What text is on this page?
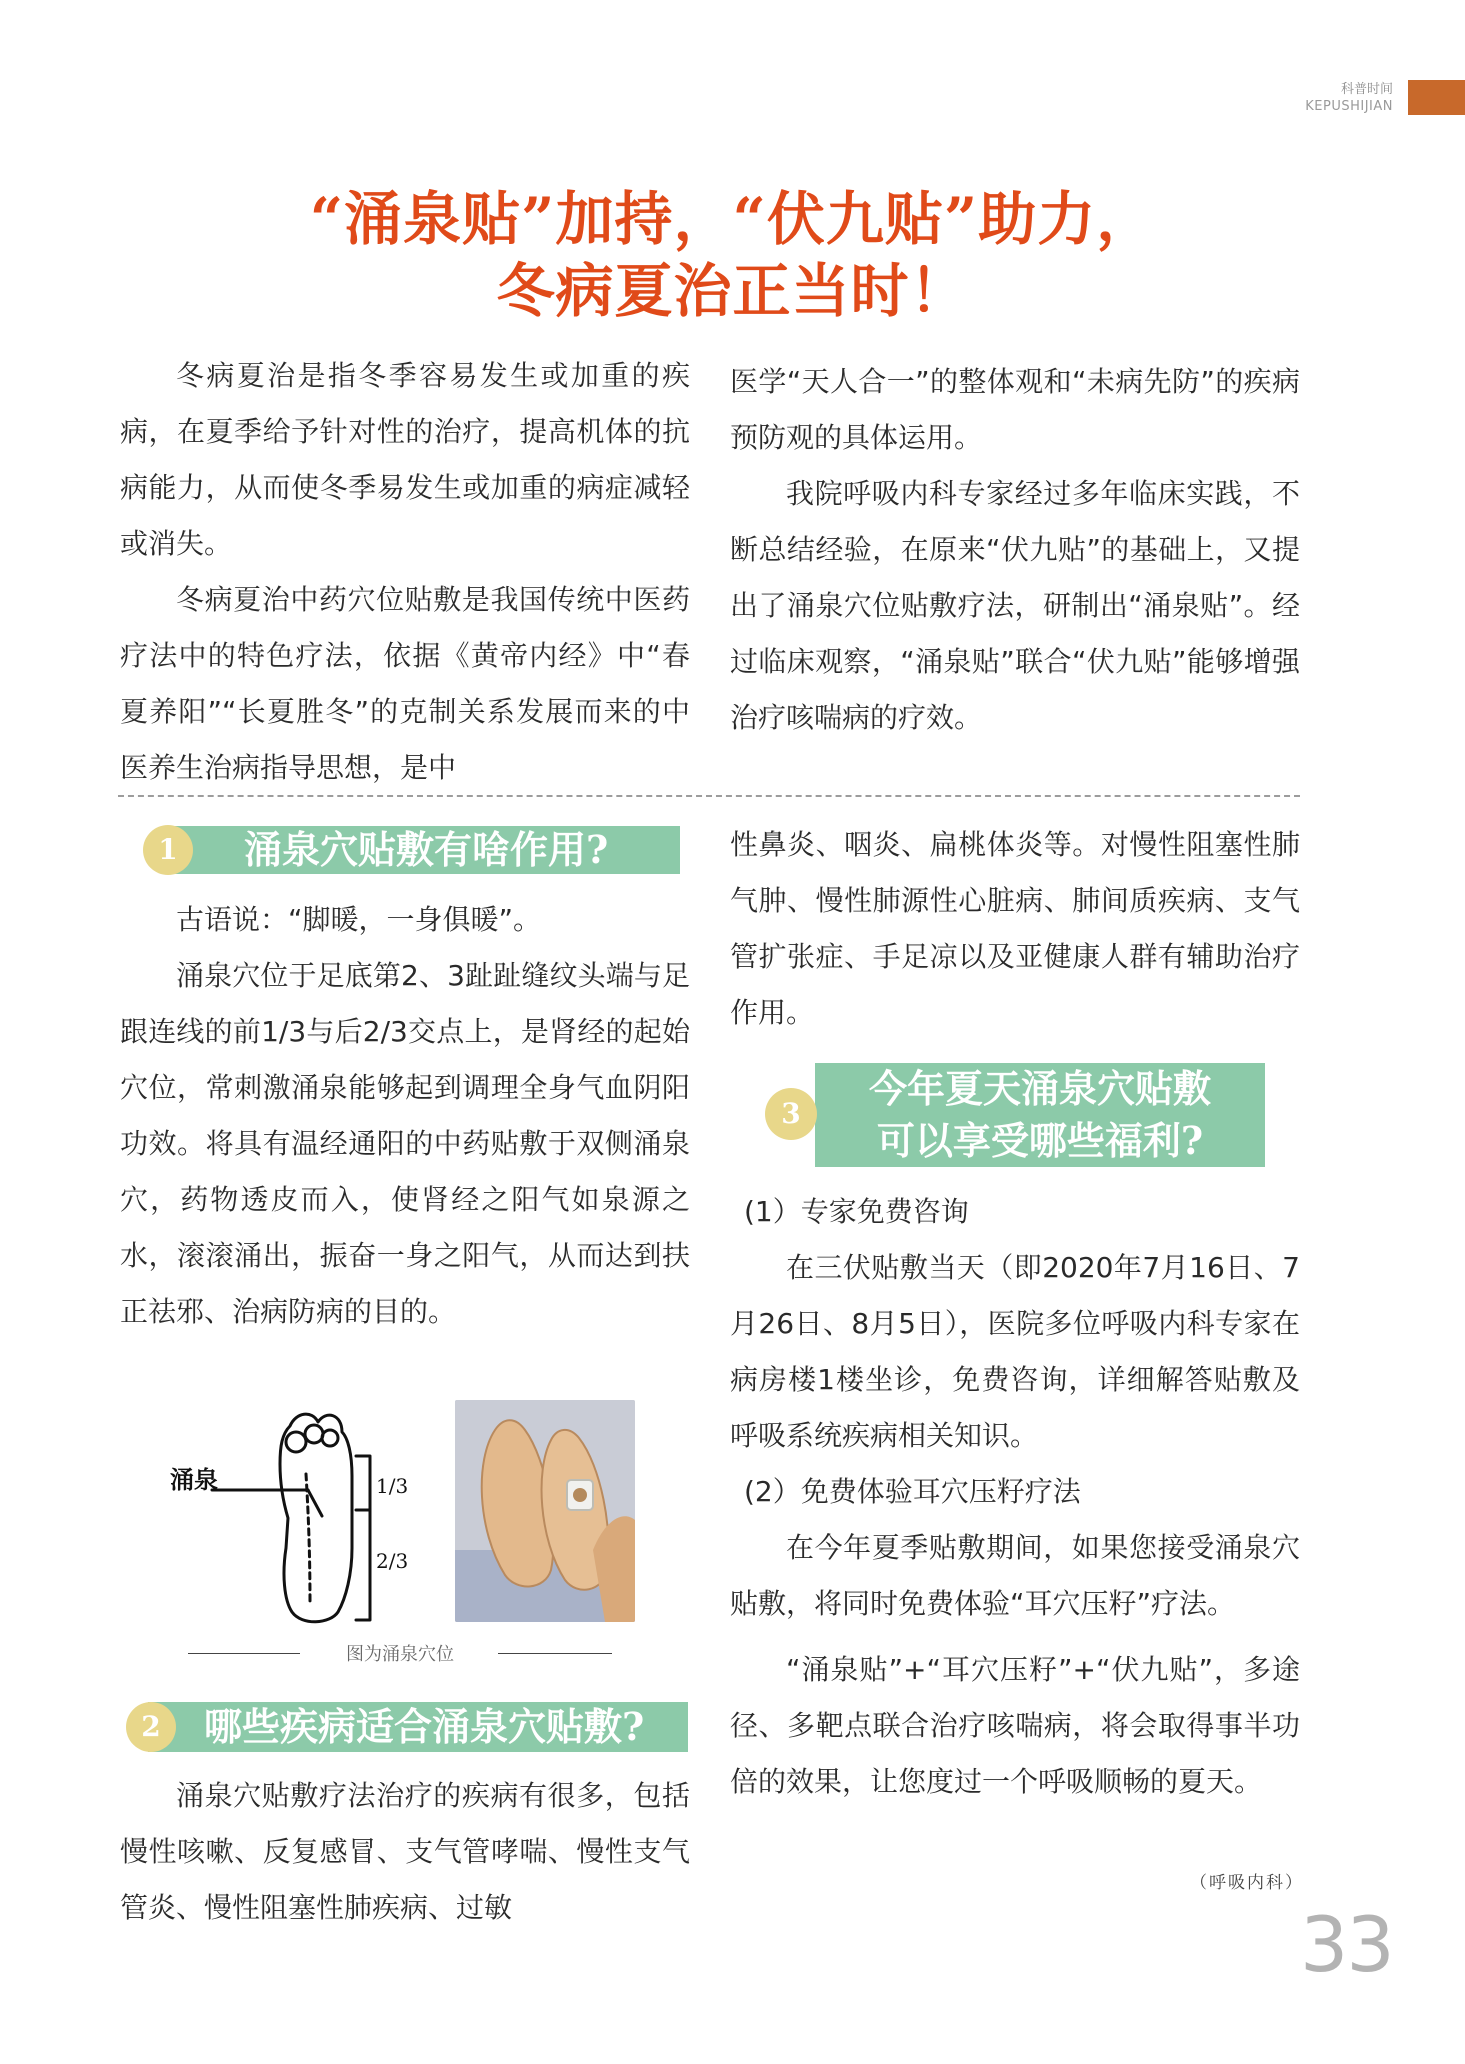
科普时间
KEPUSHIJIAN
“涌泉贴”加持，“伏九贴”助力，
冬病夏治正当时！

冬病夏治是指冬季容易发生或加重的疾病，在夏季给予针对性的治疗，提高机体的抗病能力，从而使冬季易发生或加重的病症减轻或消失。

冬病夏治中药穴位贴敷是我国传统中医药疗法中的特色疗法，依据《黄帝内经》中“春夏养阳”“长夏胜冬”的克制关系发展而来的中医养生治病指导思想，是中

医学“天人合一”的整体观和“未病先防”的疾病预防观的具体运用。

我院呼吸内科专家经过多年临床实践，不断总结经验，在原来“伏九贴”的基础上，又提出了涌泉穴位贴敷疗法，研制出“涌泉贴”。经过临床观察，“涌泉贴”联合“伏九贴”能够增强治疗咳喘病的疗效。

涌泉穴贴敷有啥作用?
1

古语说：“脚暖，一身俱暖”。

涌泉穴位于足底第2、3趾趾缝纹头端与足跟连线的前1/3与后2/3交点上，是肾经的起始穴位，常刺激涌泉能够起到调理全身气血阴阳功效。将具有温经通阳的中药贴敷于双侧涌泉穴，药物透皮而入，使肾经之阳气如泉源之水，滚滚涌出，振奋一身之阳气，从而达到扶正祛邪、治病防病的目的。

涌泉	1/3
2/3
图为涌泉穴位
哪些疾病适合涌泉穴贴敷?
2

涌泉穴贴敷疗法治疗的疾病有很多，包括慢性咳嗽、反复感冒、支气管哮喘、慢性支气管炎、慢性阻塞性肺疾病、过敏

性鼻炎、咽炎、扁桃体炎等。对慢性阻塞性肺气肿、慢性肺源性心脏病、肺间质疾病、支气管扩张症、手足凉以及亚健康人群有辅助治疗作用。

今年夏天涌泉穴贴敷
可以享受哪些福利?
3

(1）专家免费咨询

在三伏贴敷当天（即2020年7月16日、7月26日、8月5日），医院多位呼吸内科专家在病房楼1楼坐诊，免费咨询，详细解答贴敷及呼吸系统疾病相关知识。

(2）免费体验耳穴压籽疗法

在今年夏季贴敷期间，如果您接受涌泉穴贴敷，将同时免费体验“耳穴压籽”疗法。

“涌泉贴”+“耳穴压籽”+“伏九贴”，多途径、多靶点联合治疗咳喘病，将会取得事半功倍的效果，让您度过一个呼吸顺畅的夏天。

（呼吸内科）
33
